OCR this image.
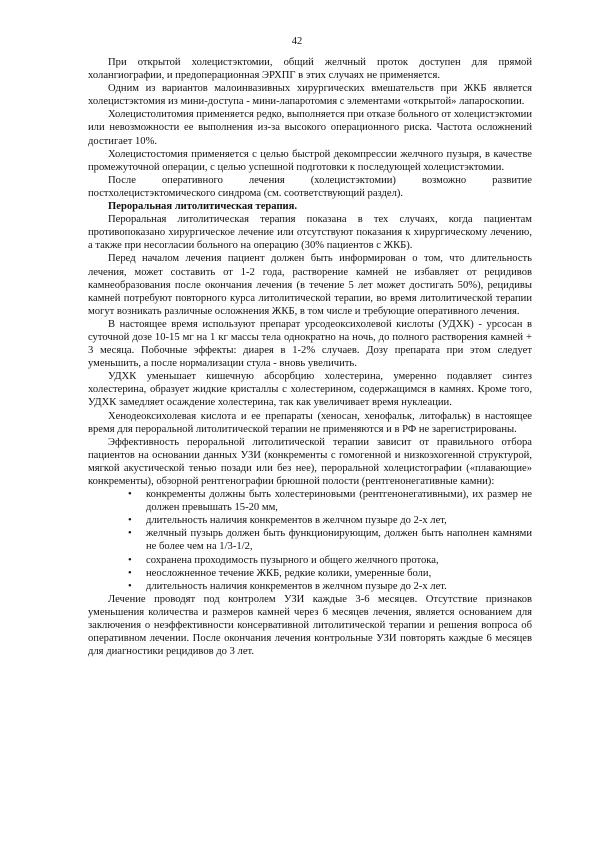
42

При открытой холецистэктомии, общий желчный проток доступен для прямой холангиографии, и предоперационная ЭРХПГ в этих случаях не применяется.

Одним из вариантов малоинвазивных хирургических вмешательств при ЖКБ является холецистэктомия из мини-доступа - мини-лапаротомия с элементами «открытой» лапароскопии.

Холецистолитомия применяется редко, выполняется при отказе больного от холецистэктомии или невозможности ее выполнения из-за высокого операционного риска. Частота осложнений достигает 10%.

Холецистостомия применяется с целью быстрой декомпрессии желчного пузыря, в качестве промежуточной операции, с целью успешной подготовки к последующей холецистэктомии.

После оперативного лечения (холецистэктомии) возможно развитие постхолецистэктомического синдрома (см. соответствующий раздел).

Пероральная литолитическая терапия.

Пероральная литолитическая терапия показана в тех случаях, когда пациентам противопоказано хирургическое лечение или отсутствуют показания к хирургическому лечению, а также при несогласии больного на операцию (30% пациентов с ЖКБ).

Перед началом лечения пациент должен быть информирован о том, что длительность лечения, может составить от 1-2 года, растворение камней не избавляет от рецидивов камнеобразования после окончания лечения (в течение 5 лет может достигать 50%), рецидивы камней потребуют повторного курса литолитической терапии, во время литолитической терапии могут возникать различные осложнения ЖКБ, в том числе и требующие оперативного лечения.

В настоящее время используют препарат урсодеоксихолевой кислоты (УДХК) - урсосан в суточной дозе 10-15 мг на 1 кг массы тела однократно на ночь, до полного растворения камней + 3 месяца. Побочные эффекты: диарея в 1-2% случаев. Дозу препарата при этом следует уменьшить, а после нормализации стула - вновь увеличить.

УДХК уменьшает кишечную абсорбцию холестерина, умеренно подавляет синтез холестерина, образует жидкие кристаллы с холестерином, содержащимся в камнях. Кроме того, УДХК замедляет осаждение холестерина, так как увеличивает время нуклеации.

Хенодеоксихолевая кислота и ее препараты (хеносан, хенофальк, литофальк) в настоящее время для пероральной литолитической терапии не применяются и в РФ не зарегистрированы.

Эффективность пероральной литолитической терапии зависит от правильного отбора пациентов на основании данных УЗИ (конкременты с гомогенной и низкоэхогенной структурой, мягкой акустической тенью позади или без нее), пероральной холецистографии («плавающие» конкременты), обзорной рентгенографии брюшной полости (рентгенонегативные камни):

• конкременты должны быть холестериновыми (рентгенонегативными), их размер не должен превышать 15-20 мм,
• длительность наличия конкрементов в желчном пузыре до 2-х лет,
• желчный пузырь должен быть функционирующим, должен быть наполнен камнями не более чем на 1/3-1/2,
• сохранена проходимость пузырного и общего желчного протока,
• неосложненное течение ЖКБ, редкие колики, умеренные боли,
• длительность наличия конкрементов в желчном пузыре до 2-х лет.

Лечение проводят под контролем УЗИ каждые 3-6 месяцев. Отсутствие признаков уменьшения количества и размеров камней через 6 месяцев лечения, является основанием для заключения о неэффективности консервативной литолитической терапии и решения вопроса об оперативном лечении. После окончания лечения контрольные УЗИ повторять каждые 6 месяцев для диагностики рецидивов до 3 лет.
